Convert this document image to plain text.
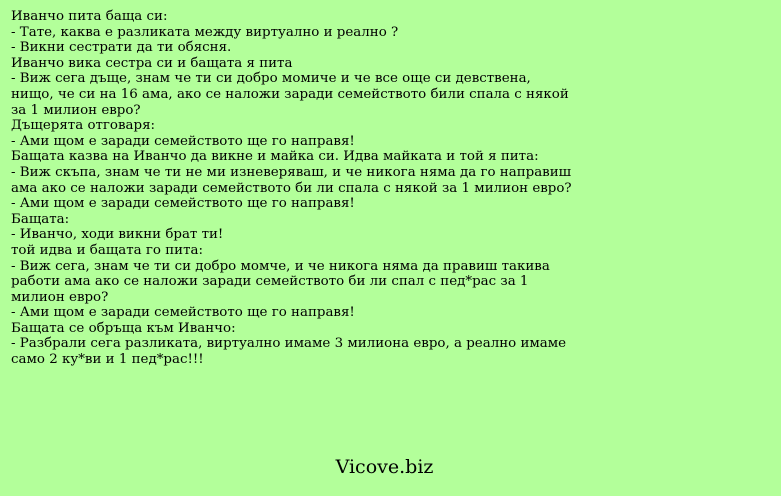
Иванчо пита баща си:
- Тате, каква е разликата между виртуално и реално ?
- Викни сестрати да ти обясня.
Иванчо вика сестра си и бащата я пита
- Виж сега дъще, знам че ти си добро момиче и че все още си девствена,
нищо, че си на 16 ама, ако се наложи заради семейството били спала с някой
за 1 милион евро?
Дъщерята отговаря:
- Ами щом е заради семейството ще го направя!
Бащата казва на Иванчо да викне и майка си. Идва майката и той я пита:
- Виж скъпа, знам че ти не ми изневеряваш, и че никога няма да го направиш
ама ако се наложи заради семейството би ли спала с някой за 1 милион евро?
- Ами щом е заради семейството ще го направя!
Бащата:
- Иванчо, ходи викни брат ти!
той идва и бащата го пита:
- Виж сега, знам че ти си добро момче, и че никога няма да правиш такива
работи ама ако се наложи заради семейството би ли спал с пед*рас за 1
милион евро?
- Ами щом е заради семейството ще го направя!
Бащата се обръща към Иванчо:
- Разбрали сега разликата, виртуално имаме 3 милиона евро, а реално имаме
само 2 ку*ви и 1 пед*рас!!!
Vicove.biz
